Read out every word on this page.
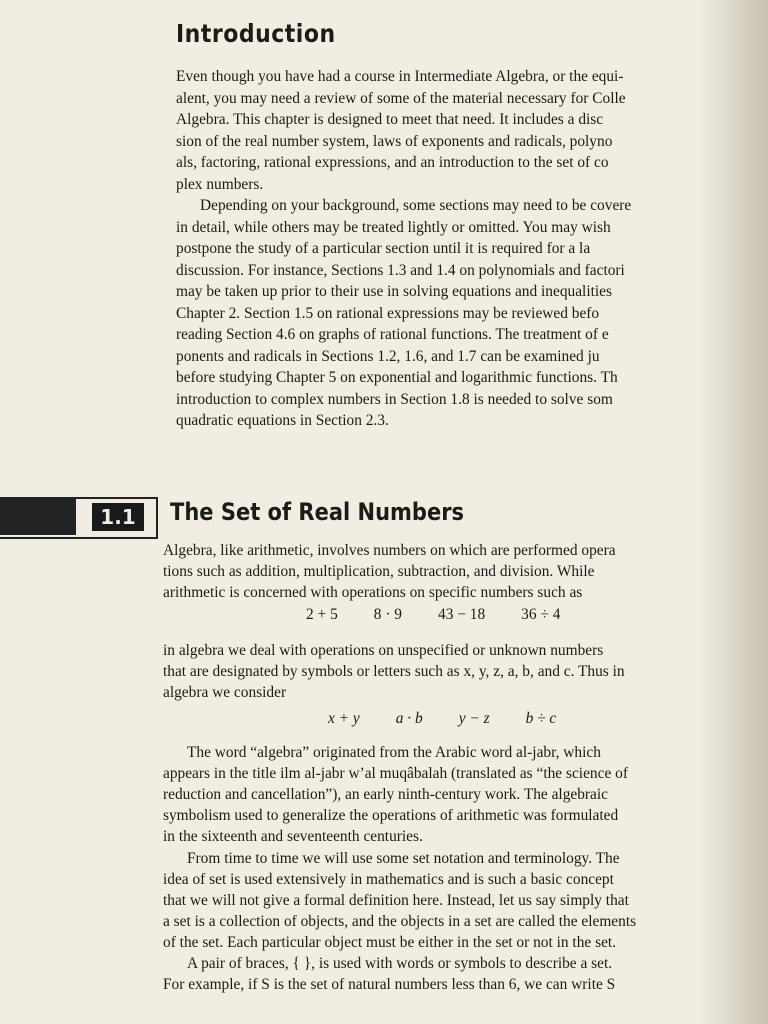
Introduction
Even though you have had a course in Intermediate Algebra, or the equi-
alent, you may need a review of some of the material necessary for Colle
Algebra. This chapter is designed to meet that need. It includes a disc
sion of the real number system, laws of exponents and radicals, polyno
als, factoring, rational expressions, and an introduction to the set of co
plex numbers.
Depending on your background, some sections may need to be covere
in detail, while others may be treated lightly or omitted. You may wish
postpone the study of a particular section until it is required for a la
discussion. For instance, Sections 1.3 and 1.4 on polynomials and factori
may be taken up prior to their use in solving equations and inequalities
Chapter 2. Section 1.5 on rational expressions may be reviewed befo
reading Section 4.6 on graphs of rational functions. The treatment of e
ponents and radicals in Sections 1.2, 1.6, and 1.7 can be examined ju
before studying Chapter 5 on exponential and logarithmic functions. Th
introduction to complex numbers in Section 1.8 is needed to solve som
quadratic equations in Section 2.3.
1.1	The Set of Real Numbers
Algebra, like arithmetic, involves numbers on which are performed opera
tions such as addition, multiplication, subtraction, and division. While
arithmetic is concerned with operations on specific numbers such as
2 + 5 8 · 9 43 − 18 36 ÷ 4
in algebra we deal with operations on unspecified or unknown numbers
that are designated by symbols or letters such as x, y, z, a, b, and c. Thus in
algebra we consider
x + y a · b y − z b ÷ c
The word “algebra” originated from the Arabic word al-jabr, which
appears in the title ilm al-jabr w’al muqâbalah (translated as “the science of
reduction and cancellation”), an early ninth-century work. The algebraic
symbolism used to generalize the operations of arithmetic was formulated
in the sixteenth and seventeenth centuries.
From time to time we will use some set notation and terminology. The
idea of set is used extensively in mathematics and is such a basic concept
that we will not give a formal definition here. Instead, let us say simply that
a set is a collection of objects, and the objects in a set are called the elements
of the set. Each particular object must be either in the set or not in the set.
A pair of braces, { }, is used with words or symbols to describe a set.
For example, if S is the set of natural numbers less than 6, we can write S
